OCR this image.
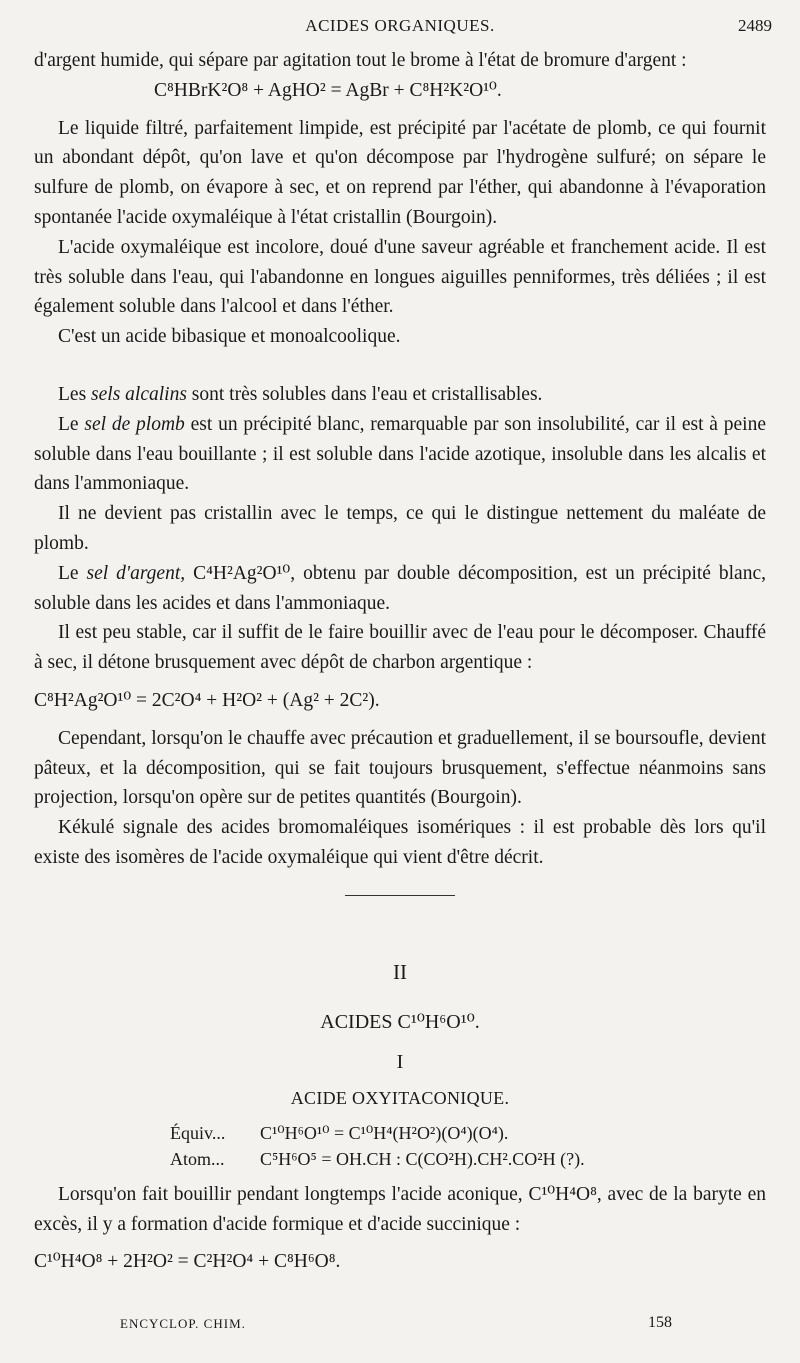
ACIDES ORGANIQUES.	2489

d'argent humide, qui sépare par agitation tout le brome à l'état de bromure d'argent :

C⁸HBrK²O⁸ + AgHO² = AgBr + C⁸H²K²O¹⁰.

Le liquide filtré, parfaitement limpide, est précipité par l'acétate de plomb, ce qui fournit un abondant dépôt, qu'on lave et qu'on décompose par l'hydrogène sulfuré; on sépare le sulfure de plomb, on évapore à sec, et on reprend par l'éther, qui abandonne à l'évaporation spontanée l'acide oxymaléique à l'état cristallin (Bourgoin).

L'acide oxymaléique est incolore, doué d'une saveur agréable et franchement acide. Il est très soluble dans l'eau, qui l'abandonne en longues aiguilles penniformes, très déliées ; il est également soluble dans l'alcool et dans l'éther.

C'est un acide bibasique et monoalcoolique.

Les sels alcalins sont très solubles dans l'eau et cristallisables.

Le sel de plomb est un précipité blanc, remarquable par son insolubilité, car il est à peine soluble dans l'eau bouillante ; il est soluble dans l'acide azotique, insoluble dans les alcalis et dans l'ammoniaque.

Il ne devient pas cristallin avec le temps, ce qui le distingue nettement du maléate de plomb.

Le sel d'argent, C⁴H²Ag²O¹⁰, obtenu par double décomposition, est un précipité blanc, soluble dans les acides et dans l'ammoniaque.

Il est peu stable, car il suffit de le faire bouillir avec de l'eau pour le décomposer. Chauffé à sec, il détone brusquement avec dépôt de charbon argentique :

C⁸H²Ag²O¹⁰ = 2C²O⁴ + H²O² + (Ag² + 2C²).

Cependant, lorsqu'on le chauffe avec précaution et graduellement, il se boursoufle, devient pâteux, et la décomposition, qui se fait toujours brusquement, s'effectue néanmoins sans projection, lorsqu'on opère sur de petites quantités (Bourgoin).

Kékulé signale des acides bromomaléiques isomériques : il est probable dès lors qu'il existe des isomères de l'acide oxymaléique qui vient d'être décrit.

II
ACIDES C¹⁰H⁶O¹⁰.
I
ACIDE OXYITACONIQUE.
Équiv... C¹⁰H⁶O¹⁰ = C¹⁰H⁴(H²O²)(O⁴)(O⁴).
Atom... C⁵H⁶O⁵ = OH.CH : C(CO²H).CH².CO²H (?).

Lorsqu'on fait bouillir pendant longtemps l'acide aconique, C¹⁰H⁴O⁸, avec de la baryte en excès, il y a formation d'acide formique et d'acide succinique :

C¹⁰H⁴O⁸ + 2H²O² = C²H²O⁴ + C⁸H⁶O⁸.

ENCYCLOP. CHIM.	158
